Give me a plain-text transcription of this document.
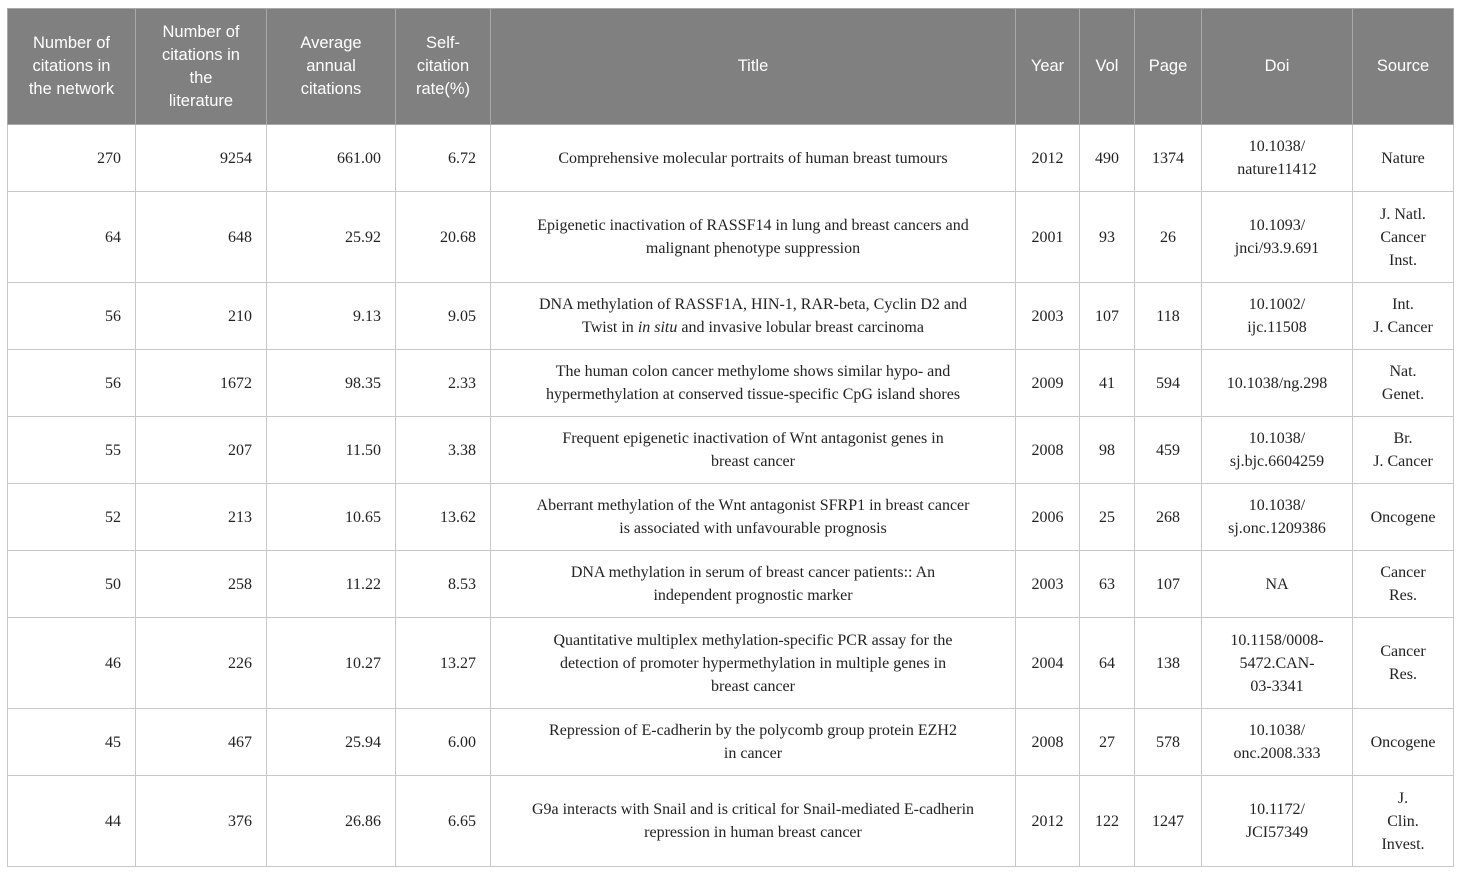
Number of
citations in
the network	Number of
citations in
the
literature	Average
annual
citations	Self-
citation
rate(%)	Title	Year	Vol	Page	Doi	Source

270	9254	661.00	6.72	Comprehensive molecular portraits of human breast tumours	2012	490	1374	10.1038/
nature11412	Nature

64	648	25.92	20.68	Epigenetic inactivation of RASSF14 in lung and breast cancers and
malignant phenotype suppression	2001	93	26	10.1093/
jnci/93.9.691	J. Natl.
Cancer
Inst.

56	210	9.13	9.05	DNA methylation of RASSF1A, HIN-1, RAR-beta, Cyclin D2 and
Twist in in situ and invasive lobular breast carcinoma	2003	107	118	10.1002/
ijc.11508	Int.
J. Cancer

56	1672	98.35	2.33	The human colon cancer methylome shows similar hypo- and
hypermethylation at conserved tissue-specific CpG island shores	2009	41	594	10.1038/ng.298	Nat.
Genet.

55	207	11.50	3.38	Frequent epigenetic inactivation of Wnt antagonist genes in
breast cancer	2008	98	459	10.1038/
sj.bjc.6604259	Br.
J. Cancer

52	213	10.65	13.62	Aberrant methylation of the Wnt antagonist SFRP1 in breast cancer
is associated with unfavourable prognosis	2006	25	268	10.1038/
sj.onc.1209386	Oncogene

50	258	11.22	8.53	DNA methylation in serum of breast cancer patients:: An
independent prognostic marker	2003	63	107	NA	Cancer
Res.

46	226	10.27	13.27	Quantitative multiplex methylation-specific PCR assay for the
detection of promoter hypermethylation in multiple genes in
breast cancer	2004	64	138	10.1158/0008-
5472.CAN-
03-3341	Cancer
Res.

45	467	25.94	6.00	Repression of E-cadherin by the polycomb group protein EZH2
in cancer	2008	27	578	10.1038/
onc.2008.333	Oncogene

44	376	26.86	6.65	G9a interacts with Snail and is critical for Snail-mediated E-cadherin
repression in human breast cancer	2012	122	1247	10.1172/
JCI57349	J.
Clin.
Invest.
